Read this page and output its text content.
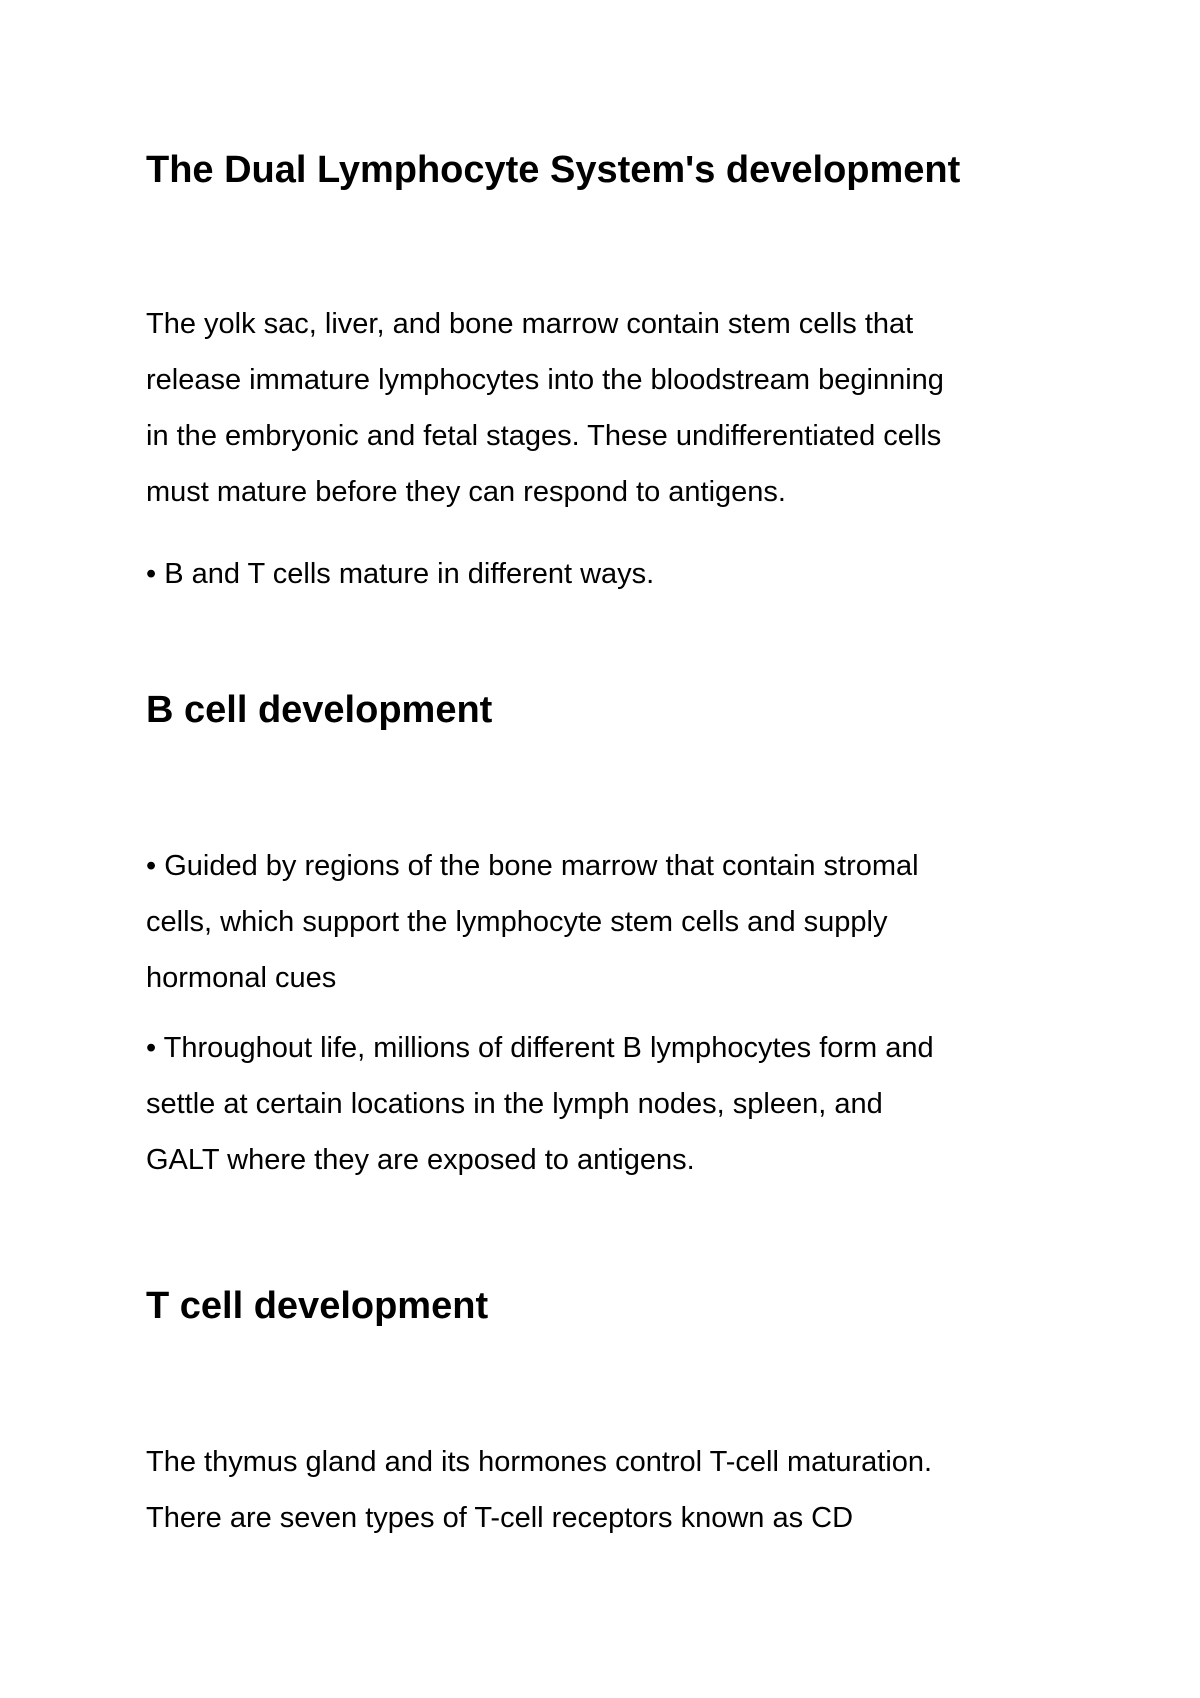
The Dual Lymphocyte System's development

The yolk sac, liver, and bone marrow contain stem cells that
release immature lymphocytes into the bloodstream beginning
in the embryonic and fetal stages. These undifferentiated cells
must mature before they can respond to antigens.

• B and T cells mature in different ways.

B cell development

• Guided by regions of the bone marrow that contain stromal
cells, which support the lymphocyte stem cells and supply
hormonal cues

• Throughout life, millions of different B lymphocytes form and
settle at certain locations in the lymph nodes, spleen, and
GALT where they are exposed to antigens.

T cell development

The thymus gland and its hormones control T-cell maturation.
There are seven types of T-cell receptors known as CD
